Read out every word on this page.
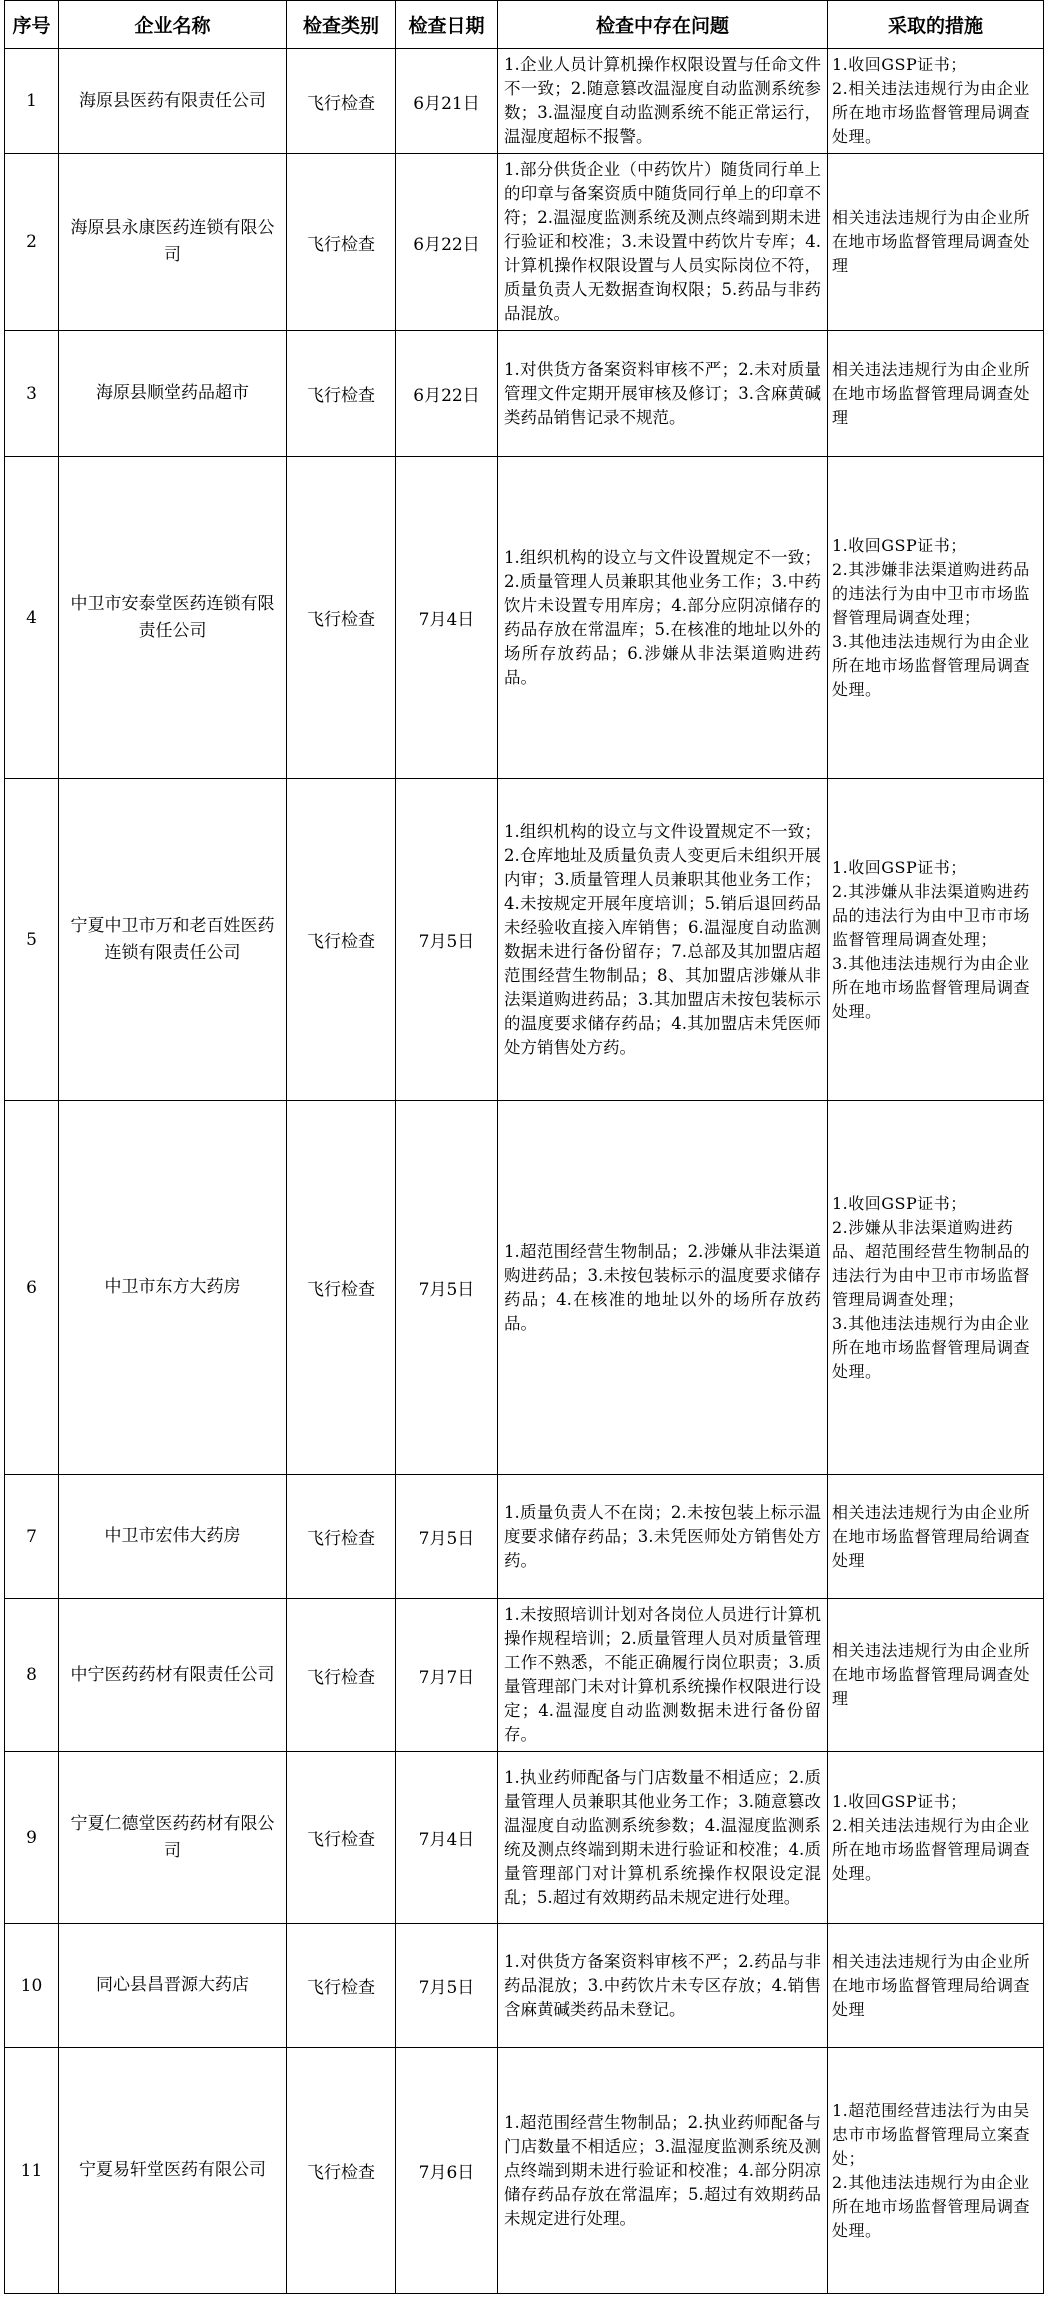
序号	企业名称	检查类别	检查日期	检查中存在问题	采取的措施
1	海原县医药有限责任公司	飞行检查	6月21日	1.企业人员计算机操作权限设置与任命文件不一致；2.随意篡改温湿度自动监测系统参数；3.温湿度自动监测系统不能正常运行，温湿度超标不报警。	1.收回GSP证书；
2.相关违法违规行为由企业所在地市场监督管理局调查处理。

2	海原县永康医药连锁有限公司	飞行检查	6月22日	1.部分供货企业（中药饮片）随货同行单上的印章与备案资质中随货同行单上的印章不符；2.温湿度监测系统及测点终端到期未进行验证和校准；3.未设置中药饮片专库；4.计算机操作权限设置与人员实际岗位不符，质量负责人无数据查询权限；5.药品与非药品混放。	相关违法违规行为由企业所在地市场监督管理局调查处理

3	海原县顺堂药品超市	飞行检查	6月22日	1.对供货方备案资料审核不严；2.未对质量管理文件定期开展审核及修订；3.含麻黄碱类药品销售记录不规范。	相关违法违规行为由企业所在地市场监督管理局调查处理

4	中卫市安泰堂医药连锁有限责任公司	飞行检查	7月4日	1.组织机构的设立与文件设置规定不一致；2.质量管理人员兼职其他业务工作；3.中药饮片未设置专用库房；4.部分应阴凉储存的药品存放在常温库；5.在核准的地址以外的场所存放药品；6.涉嫌从非法渠道购进药品。	1.收回GSP证书；
2.其涉嫌非法渠道购进药品的违法行为由中卫市市场监督管理局调查处理；
3.其他违法违规行为由企业所在地市场监督管理局调查处理。

5	宁夏中卫市万和老百姓医药连锁有限责任公司	飞行检查	7月5日	1.组织机构的设立与文件设置规定不一致；2.仓库地址及质量负责人变更后未组织开展内审；3.质量管理人员兼职其他业务工作；4.未按规定开展年度培训；5.销后退回药品未经验收直接入库销售；6.温湿度自动监测数据未进行备份留存；7.总部及其加盟店超范围经营生物制品；8、其加盟店涉嫌从非法渠道购进药品；3.其加盟店未按包装标示的温度要求储存药品；4.其加盟店未凭医师处方销售处方药。	1.收回GSP证书；
2.其涉嫌从非法渠道购进药品的违法行为由中卫市市场监督管理局调查处理；
3.其他违法违规行为由企业所在地市场监督管理局调查处理。

6	中卫市东方大药房	飞行检查	7月5日	1.超范围经营生物制品；2.涉嫌从非法渠道购进药品；3.未按包装标示的温度要求储存药品；4.在核准的地址以外的场所存放药品。	1.收回GSP证书；
2.涉嫌从非法渠道购进药品、超范围经营生物制品的违法行为由中卫市市场监督管理局调查处理；
3.其他违法违规行为由企业所在地市场监督管理局调查处理。

7	中卫市宏伟大药房	飞行检查	7月5日	1.质量负责人不在岗；2.未按包装上标示温度要求储存药品；3.未凭医师处方销售处方药。	相关违法违规行为由企业所在地市场监督管理局给调查处理

8	中宁医药药材有限责任公司	飞行检查	7月7日	1.未按照培训计划对各岗位人员进行计算机操作规程培训；2.质量管理人员对质量管理工作不熟悉，不能正确履行岗位职责；3.质量管理部门未对计算机系统操作权限进行设定；4.温湿度自动监测数据未进行备份留存。	相关违法违规行为由企业所在地市场监督管理局调查处理

9	宁夏仁德堂医药药材有限公司	飞行检查	7月4日	1.执业药师配备与门店数量不相适应；2.质量管理人员兼职其他业务工作；3.随意篡改温湿度自动监测系统参数；4.温湿度监测系统及测点终端到期未进行验证和校准；4.质量管理部门对计算机系统操作权限设定混乱；5.超过有效期药品未规定进行处理。	1.收回GSP证书；
2.相关违法违规行为由企业所在地市场监督管理局调查处理。

10	同心县昌晋源大药店	飞行检查	7月5日	1.对供货方备案资料审核不严；2.药品与非药品混放；3.中药饮片未专区存放；4.销售含麻黄碱类药品未登记。	相关违法违规行为由企业所在地市场监督管理局给调查处理

11	宁夏易轩堂医药有限公司	飞行检查	7月6日	1.超范围经营生物制品；2.执业药师配备与门店数量不相适应；3.温湿度监测系统及测点终端到期未进行验证和校准；4.部分阴凉储存药品存放在常温库；5.超过有效期药品未规定进行处理。	1.超范围经营违法行为由吴忠市市场监督管理局立案查处；
2.其他违法违规行为由企业所在地市场监督管理局调查处理。
